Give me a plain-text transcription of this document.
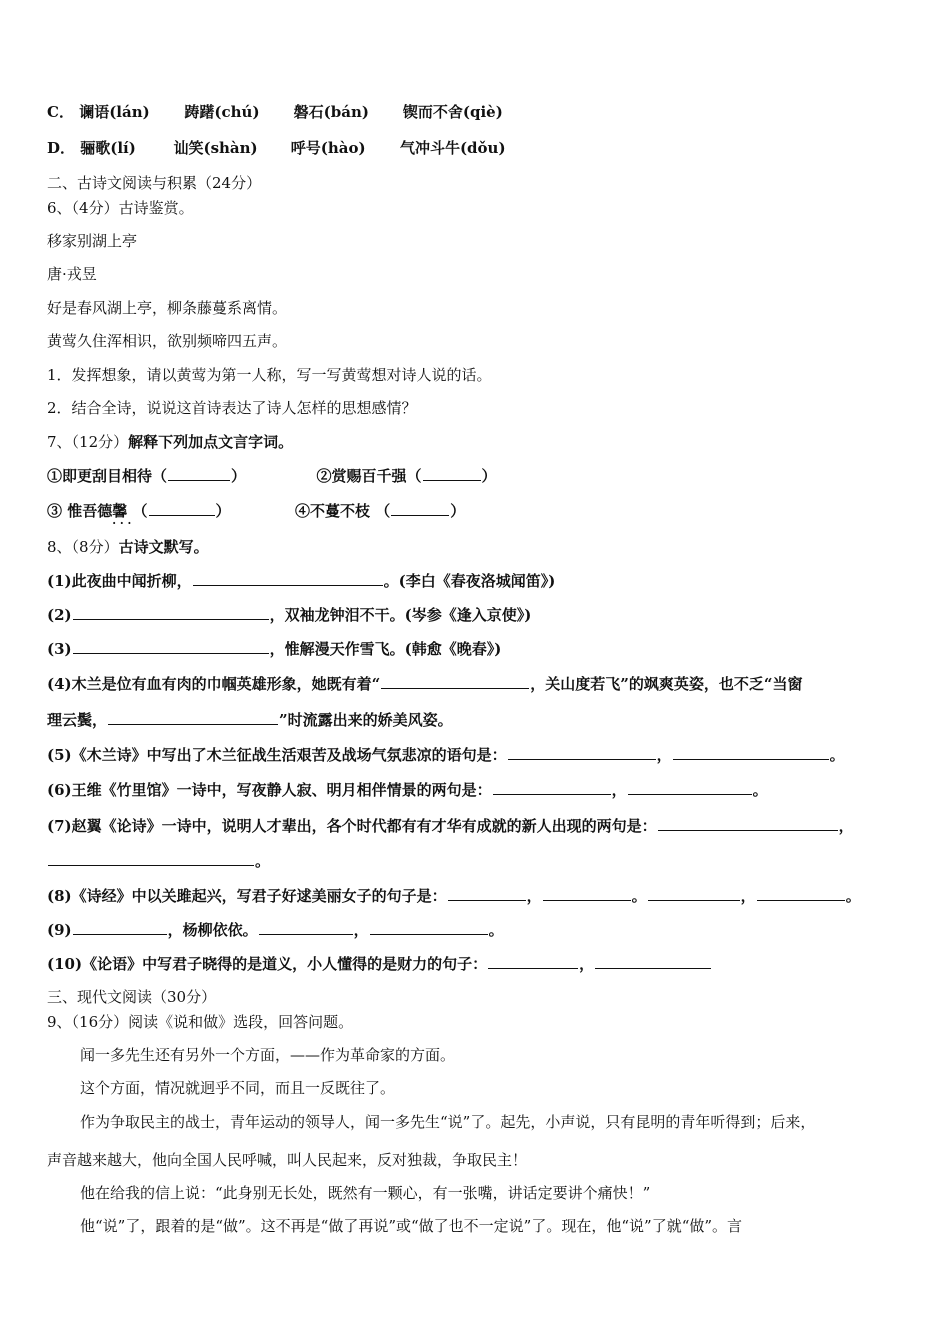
C． 谰语(lán) 踌躇(chú) 磐石(bán) 锲而不舍(qiè)
D． 骊歌(lí)	讪笑(shàn) 呼号(hào) 气冲斗牛(dǒu)
二、古诗文阅读与积累（24分）
6、（4分）古诗鉴赏。
移家别湖上亭
唐·戎昱
好是春风湖上亭，柳条藤蔓系离情。
黄莺久住浑相识，欲别频啼四五声。
1．发挥想象，请以黄莺为第一人称，写一写黄莺想对诗人说的话。
2．结合全诗，说说这首诗表达了诗人怎样的思想感情？
7、（12分）解释下列加点文言字词。
①即更刮目相待（	）	②赏赐百千强（	）
③ 惟吾德馨 · · · （	）	④不蔓不枝 （	）
8、（8分）古诗文默写。
(1)此夜曲中闻折柳，	。(李白《春夜洛城闻笛》)
(2)	，双袖龙钟泪不干。(岑参《逢入京使》)
(3)	，惟解漫天作雪飞。(韩愈《晚春》)
(4)木兰是位有血有肉的巾帼英雄形象，她既有着“	，关山度若飞”的飒爽英姿，也不乏“当窗
理云鬓，	”时流露出来的娇美风姿。
(5)《木兰诗》中写出了木兰征战生活艰苦及战场气氛悲凉的语句是：	，	。
(6)王维《竹里馆》一诗中，写夜静人寂、明月相伴情景的两句是：	，	。
(7)赵翼《论诗》一诗中，说明人才辈出，各个时代都有有才华有成就的新人出现的两句是：	，
。
(8)《诗经》中以关雎起兴，写君子好逑美丽女子的句子是：	，	。	，	。
(9)	，杨柳依依。	，	。
(10)《论语》中写君子晓得的是道义，小人懂得的是财力的句子：	，
三、现代文阅读（30分）
9、（16分）阅读《说和做》选段，回答问题。
闻一多先生还有另外一个方面，——作为革命家的方面。
这个方面，情况就迥乎不同，而且一反既往了。
作为争取民主的战士，青年运动的领导人，闻一多先生“说”了。起先，小声说，只有昆明的青年听得到；后来，
声音越来越大，他向全国人民呼喊，叫人民起来，反对独裁，争取民主！
他在给我的信上说：“此身别无长处，既然有一颗心，有一张嘴，讲话定要讲个痛快！”
他“说”了，跟着的是“做”。这不再是“做了再说”或“做了也不一定说”了。现在，他“说”了就“做”。言
